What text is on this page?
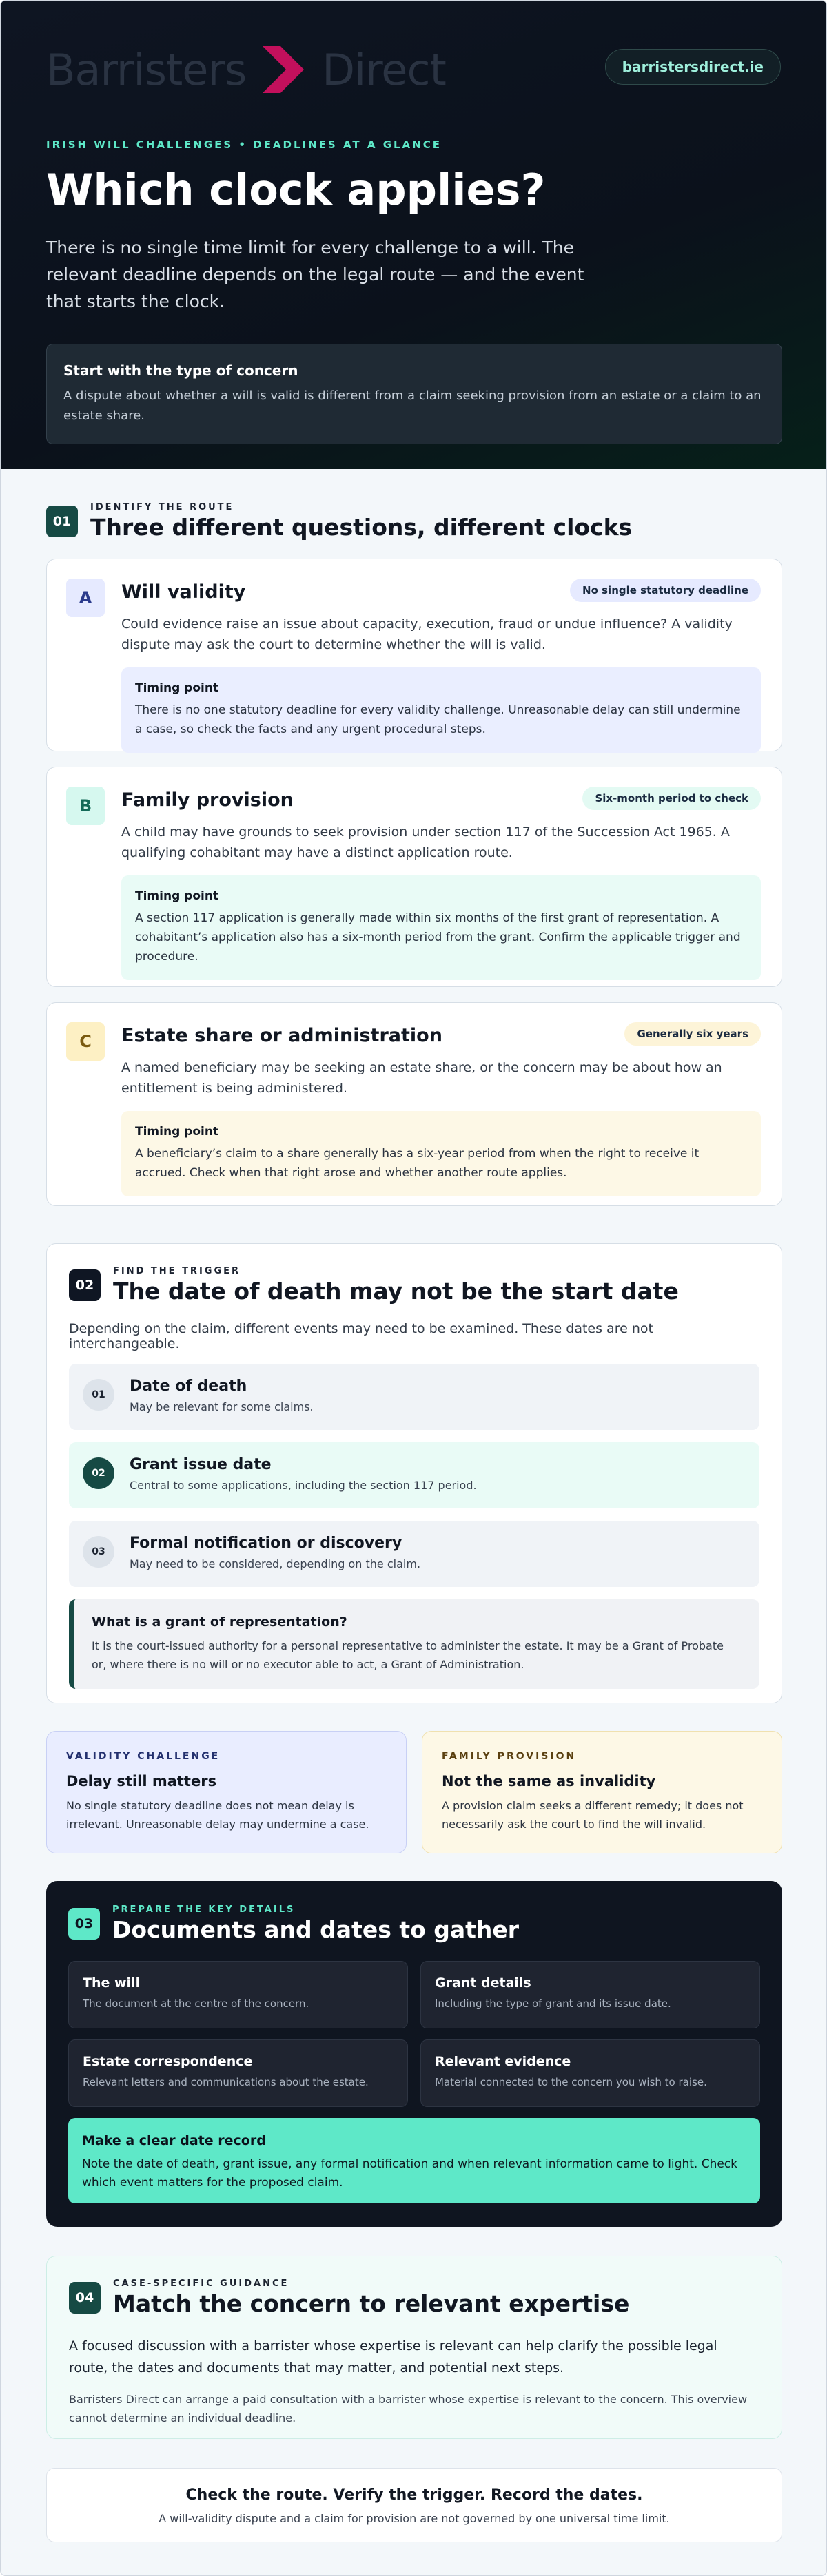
Barristers Direct	barristersdirect.ie
IRISH WILL CHALLENGES • DEADLINES AT A GLANCE
Which clock applies?

There is no single time limit for every challenge to a will. The relevant deadline depends on the legal route — and the event that starts the clock.

Start with the type of concern
A dispute about whether a will is valid is different from a claim seeking provision from an estate or a claim to an estate share.
01
IDENTIFY THE ROUTE
Three different questions, different clocks
A	No single statutory deadline
Will validity
Could evidence raise an issue about capacity, execution, fraud or undue influence? A validity dispute may ask the court to determine whether the will is valid.
Timing point
There is no one statutory deadline for every validity challenge. Unreasonable delay can still undermine a case, so check the facts and any urgent procedural steps.
B	Six-month period to check
Family provision
A child may have grounds to seek provision under section 117 of the Succession Act 1965. A qualifying cohabitant may have a distinct application route.
Timing point
A section 117 application is generally made within six months of the first grant of representation. A cohabitant’s application also has a six-month period from the grant. Confirm the applicable trigger and procedure.
C	Generally six years
Estate share or administration
A named beneficiary may be seeking an estate share, or the concern may be about how an entitlement is being administered.
Timing point
A beneficiary’s claim to a share generally has a six-year period from when the right to receive it accrued. Check when that right arose and whether another route applies.
02
FIND THE TRIGGER
The date of death may not be the start date
Depending on the claim, different events may need to be examined. These dates are not interchangeable.
01	Date of death
May be relevant for some claims.
02	Grant issue date
Central to some applications, including the section 117 period.
03	Formal notification or discovery
May need to be considered, depending on the claim.
What is a grant of representation?
It is the court-issued authority for a personal representative to administer the estate. It may be a Grant of Probate or, where there is no will or no executor able to act, a Grant of Administration.
VALIDITY CHALLENGE
Delay still matters
No single statutory deadline does not mean delay is irrelevant. Unreasonable delay may undermine a case.
FAMILY PROVISION
Not the same as invalidity
A provision claim seeks a different remedy; it does not necessarily ask the court to find the will invalid.
03
PREPARE THE KEY DETAILS
Documents and dates to gather
The will
The document at the centre of the concern.
Grant details
Including the type of grant and its issue date.
Estate correspondence
Relevant letters and communications about the estate.
Relevant evidence
Material connected to the concern you wish to raise.
Make a clear date record
Note the date of death, grant issue, any formal notification and when relevant information came to light. Check which event matters for the proposed claim.
04
CASE-SPECIFIC GUIDANCE
Match the concern to relevant expertise

A focused discussion with a barrister whose expertise is relevant can help clarify the possible legal route, the dates and documents that may matter, and potential next steps.

Barristers Direct can arrange a paid consultation with a barrister whose expertise is relevant to the concern. This overview cannot determine an individual deadline.

Check the route. Verify the trigger. Record the dates.
A will-validity dispute and a claim for provision are not governed by one universal time limit.
